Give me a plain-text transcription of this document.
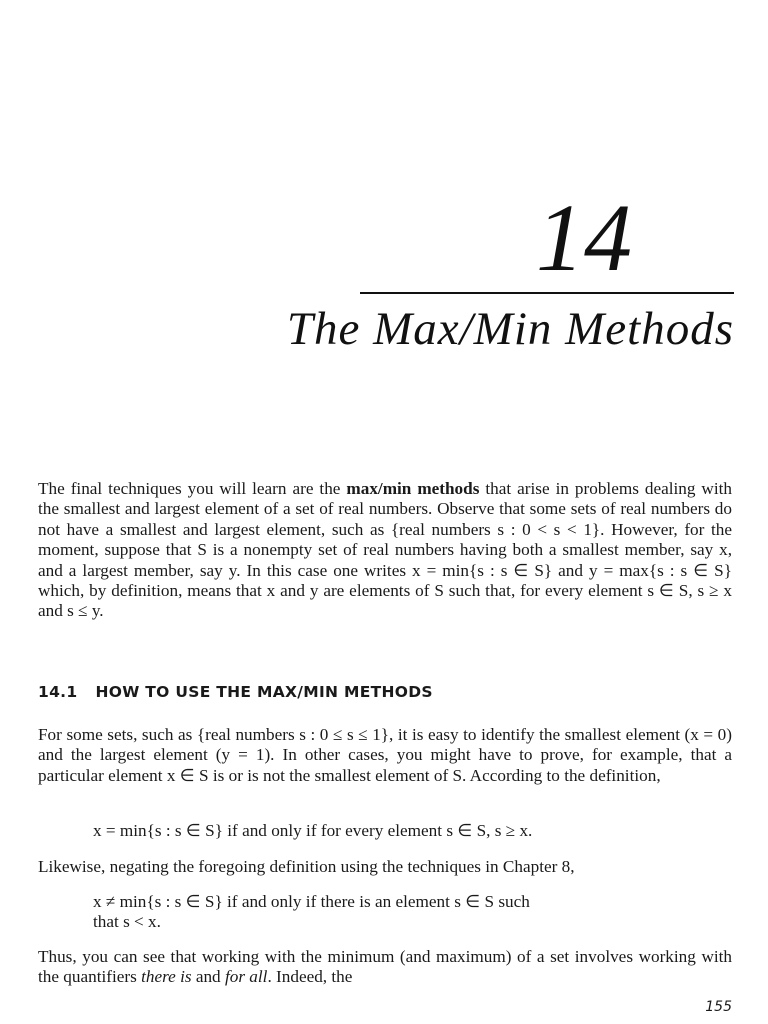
14
The Max/Min Methods

The final techniques you will learn are the max/min methods that arise in problems dealing with the smallest and largest element of a set of real numbers. Observe that some sets of real numbers do not have a smallest and largest element, such as {real numbers s : 0 < s < 1}. However, for the moment, suppose that S is a nonempty set of real numbers having both a smallest member, say x, and a largest member, say y. In this case one writes x = min{s : s ∈ S} and y = max{s : s ∈ S} which, by definition, means that x and y are elements of S such that, for every element s ∈ S, s ≥ x and s ≤ y.

14.1 HOW TO USE THE MAX/MIN METHODS

For some sets, such as {real numbers s : 0 ≤ s ≤ 1}, it is easy to identify the smallest element (x = 0) and the largest element (y = 1). In other cases, you might have to prove, for example, that a particular element x ∈ S is or is not the smallest element of S. According to the definition,

x = min{s : s ∈ S} if and only if for every element s ∈ S, s ≥ x.
Likewise, negating the foregoing definition using the techniques in Chapter 8,
x ≠ min{s : s ∈ S} if and only if there is an element s ∈ S such
that s < x.

Thus, you can see that working with the minimum (and maximum) of a set involves working with the quantifiers there is and for all. Indeed, the

155
